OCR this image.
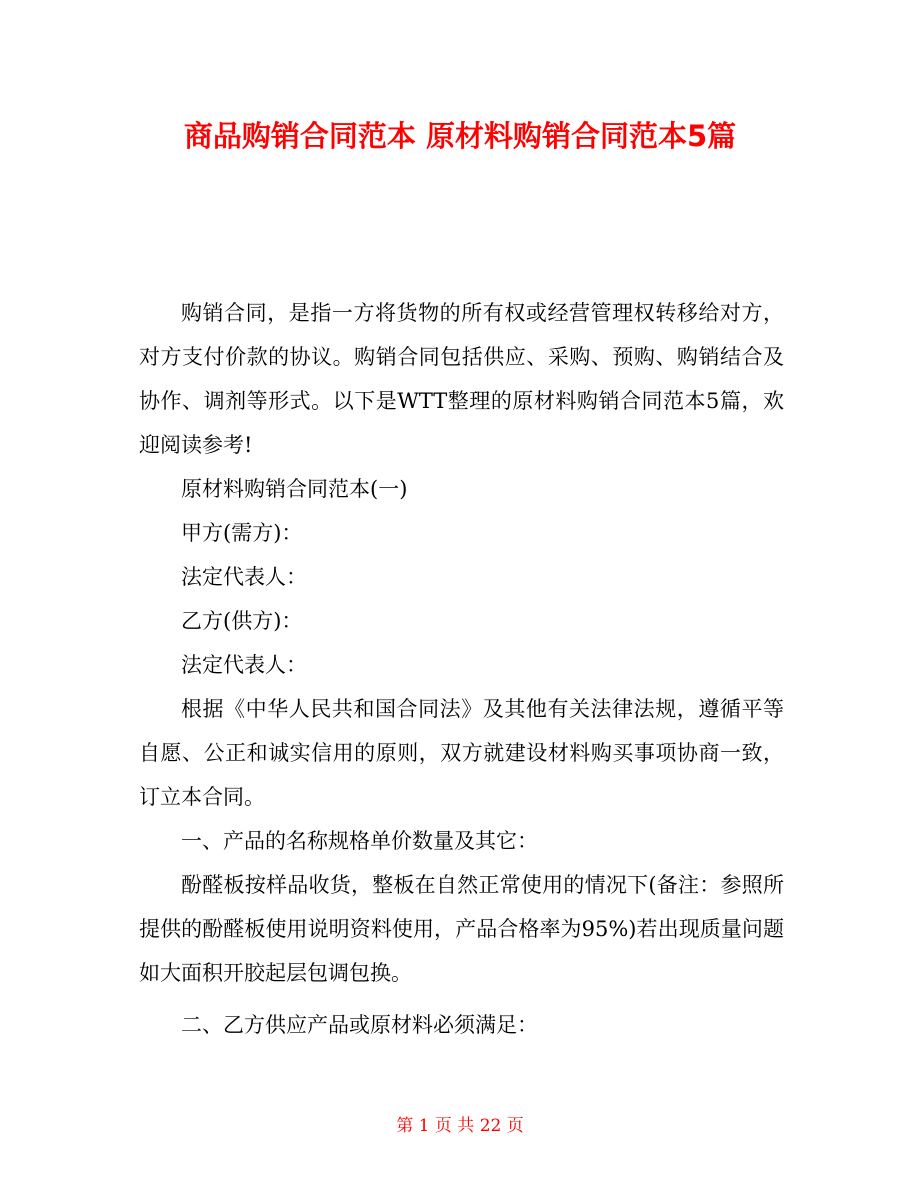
商品购销合同范本 原材料购销合同范本5篇

购销合同，是指一方将货物的所有权或经营管理权转移给对方，对方支付价款的协议。购销合同包括供应、采购、预购、购销结合及协作、调剂等形式。以下是WTT整理的原材料购销合同范本5篇，欢迎阅读参考!

原材料购销合同范本(一)

甲方(需方)：

法定代表人：

乙方(供方)：

法定代表人：

根据《中华人民共和国合同法》及其他有关法律法规，遵循平等自愿、公正和诚实信用的原则，双方就建设材料购买事项协商一致，订立本合同。

一、产品的名称规格单价数量及其它：

酚醛板按样品收货，整板在自然正常使用的情况下(备注：参照所提供的酚醛板使用说明资料使用，产品合格率为95%)若出现质量问题如大面积开胶起层包调包换。

二、乙方供应产品或原材料必须满足：

第 1 页 共 22 页
